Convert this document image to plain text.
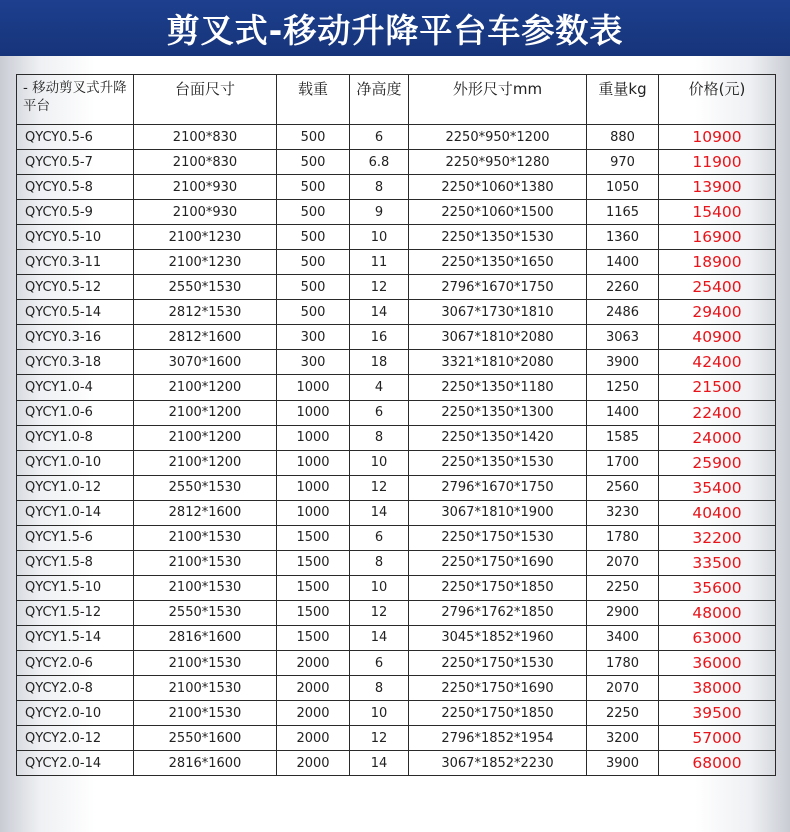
剪叉式-移动升降平台车参数表
- 移动剪叉式升降平台	台面尺寸	载重	净高度	外形尺寸mm	重量kg	价格(元)
QYCY0.5-6	2100*830	500	6	2250*950*1200	880	10900
QYCY0.5-7	2100*830	500	6.8	2250*950*1280	970	11900
QYCY0.5-8	2100*930	500	8	2250*1060*1380	1050	13900
QYCY0.5-9	2100*930	500	9	2250*1060*1500	1165	15400
QYCY0.5-10	2100*1230	500	10	2250*1350*1530	1360	16900
QYCY0.3-11	2100*1230	500	11	2250*1350*1650	1400	18900
QYCY0.5-12	2550*1530	500	12	2796*1670*1750	2260	25400
QYCY0.5-14	2812*1530	500	14	3067*1730*1810	2486	29400
QYCY0.3-16	2812*1600	300	16	3067*1810*2080	3063	40900
QYCY0.3-18	3070*1600	300	18	3321*1810*2080	3900	42400
QYCY1.0-4	2100*1200	1000	4	2250*1350*1180	1250	21500
QYCY1.0-6	2100*1200	1000	6	2250*1350*1300	1400	22400
QYCY1.0-8	2100*1200	1000	8	2250*1350*1420	1585	24000
QYCY1.0-10	2100*1200	1000	10	2250*1350*1530	1700	25900
QYCY1.0-12	2550*1530	1000	12	2796*1670*1750	2560	35400
QYCY1.0-14	2812*1600	1000	14	3067*1810*1900	3230	40400
QYCY1.5-6	2100*1530	1500	6	2250*1750*1530	1780	32200
QYCY1.5-8	2100*1530	1500	8	2250*1750*1690	2070	33500
QYCY1.5-10	2100*1530	1500	10	2250*1750*1850	2250	35600
QYCY1.5-12	2550*1530	1500	12	2796*1762*1850	2900	48000
QYCY1.5-14	2816*1600	1500	14	3045*1852*1960	3400	63000
QYCY2.0-6	2100*1530	2000	6	2250*1750*1530	1780	36000
QYCY2.0-8	2100*1530	2000	8	2250*1750*1690	2070	38000
QYCY2.0-10	2100*1530	2000	10	2250*1750*1850	2250	39500
QYCY2.0-12	2550*1600	2000	12	2796*1852*1954	3200	57000
QYCY2.0-14	2816*1600	2000	14	3067*1852*2230	3900	68000
